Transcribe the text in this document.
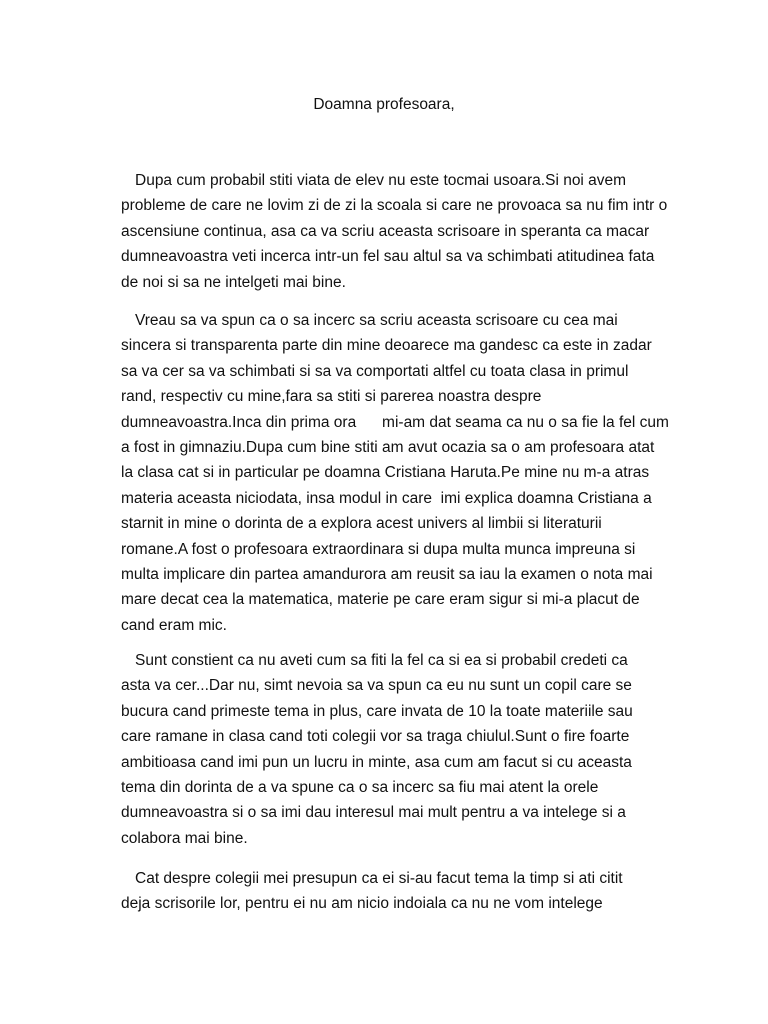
Doamna profesoara,
Dupa cum probabil stiti viata de elev nu este tocmai usoara.Si noi avem
probleme de care ne lovim zi de zi la scoala si care ne provoaca sa nu fim intr o
ascensiune continua, asa ca va scriu aceasta scrisoare in speranta ca macar
dumneavoastra veti incerca intr-un fel sau altul sa va schimbati atitudinea fata
de noi si sa ne intelgeti mai bine.
Vreau sa va spun ca o sa incerc sa scriu aceasta scrisoare cu cea mai
sincera si transparenta parte din mine deoarece ma gandesc ca este in zadar
sa va cer sa va schimbati si sa va comportati altfel cu toata clasa in primul
rand, respectiv cu mine,fara sa stiti si parerea noastra despre
dumneavoastra.Inca din prima ora      mi-am dat seama ca nu o sa fie la fel cum
a fost in gimnaziu.Dupa cum bine stiti am avut ocazia sa o am profesoara atat
la clasa cat si in particular pe doamna Cristiana Haruta.Pe mine nu m-a atras
materia aceasta niciodata, insa modul in care  imi explica doamna Cristiana a
starnit in mine o dorinta de a explora acest univers al limbii si literaturii
romane.A fost o profesoara extraordinara si dupa multa munca impreuna si
multa implicare din partea amandurora am reusit sa iau la examen o nota mai
mare decat cea la matematica, materie pe care eram sigur si mi-a placut de
cand eram mic.
Sunt constient ca nu aveti cum sa fiti la fel ca si ea si probabil credeti ca
asta va cer...Dar nu, simt nevoia sa va spun ca eu nu sunt un copil care se
bucura cand primeste tema in plus, care invata de 10 la toate materiile sau
care ramane in clasa cand toti colegii vor sa traga chiulul.Sunt o fire foarte
ambitioasa cand imi pun un lucru in minte, asa cum am facut si cu aceasta
tema din dorinta de a va spune ca o sa incerc sa fiu mai atent la orele
dumneavoastra si o sa imi dau interesul mai mult pentru a va intelege si a
colabora mai bine.
Cat despre colegii mei presupun ca ei si-au facut tema la timp si ati citit
deja scrisorile lor, pentru ei nu am nicio indoiala ca nu ne vom intelege
